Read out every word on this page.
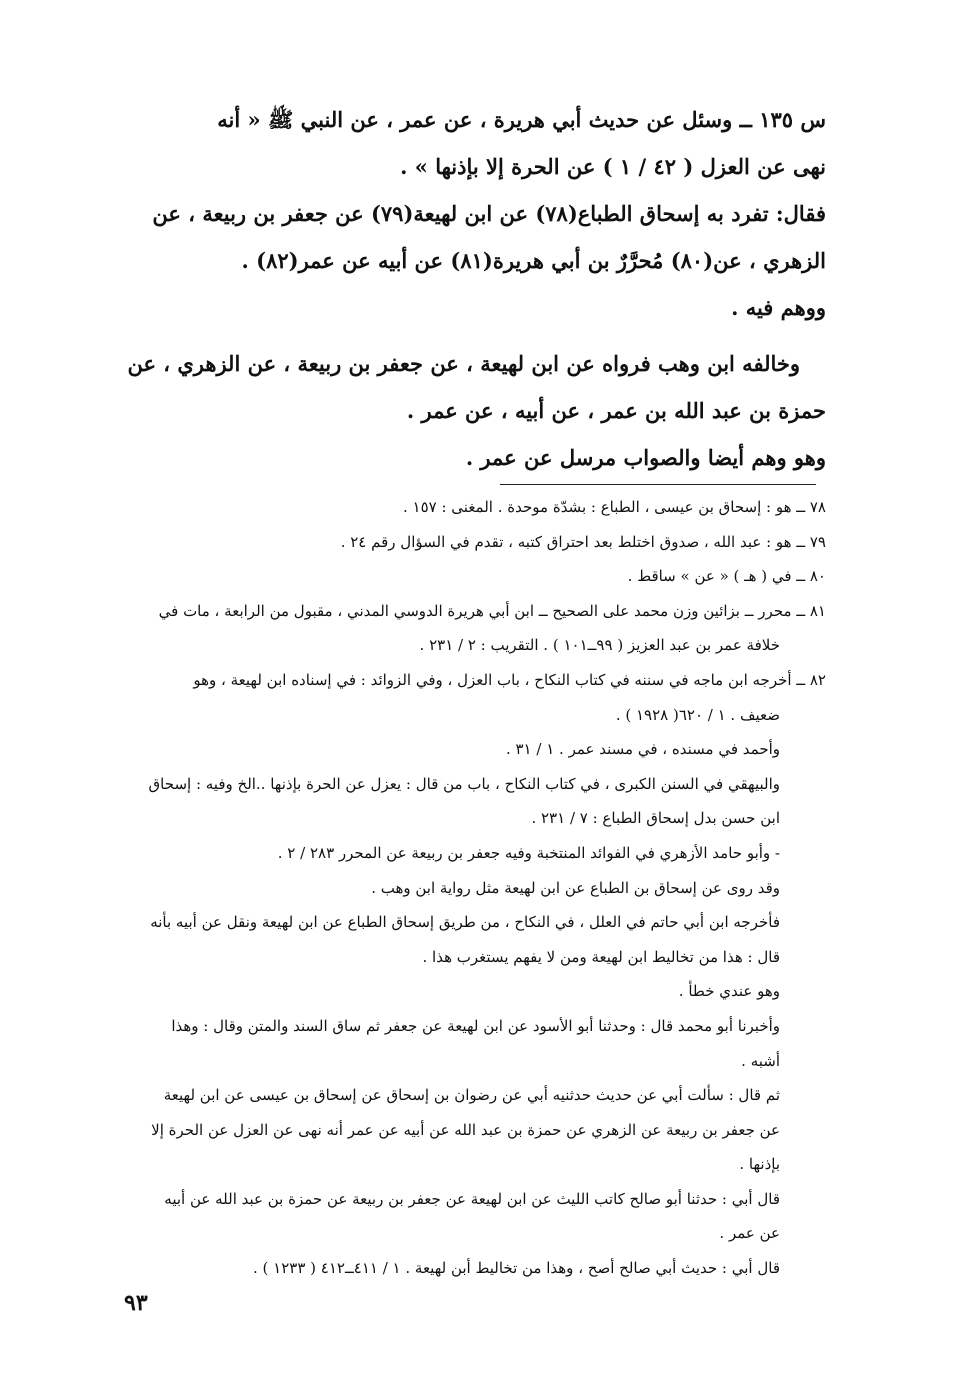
س ١٣٥ ــ وسئل عن حديث أبي هريرة ، عن عمر ، عن النبي ﷺ « أنه

نهى عن العزل ( ٤٢ / ١ ) عن الحرة إلا بإذنها » .

فقال: تفرد به إسحاق الطباع(٧٨) عن ابن لهيعة(٧٩) عن جعفر بن ربيعة ، عن

الزهري ، عن(٨٠) مُحرَّرٌ بن أبي هريرة(٨١) عن أبيه عن عمر(٨٢) .

ووهم فيه .

وخالفه ابن وهب فرواه عن ابن لهيعة ، عن جعفر بن ربيعة ، عن الزهري ، عن

حمزة بن عبد الله بن عمر ، عن أبيه ، عن عمر .

وهو وهم أيضا والصواب مرسل عن عمر .

٧٨ ــ هو : إسحاق بن عيسى ، الطباع : بشدّة موحدة . المغنى : ١٥٧ .

٧٩ ــ هو : عبد الله ، صدوق اختلط بعد احتراق كتبه ، تقدم في السؤال رقم ٢٤ .

٨٠ ــ في ( هـ ) « عن » ساقط .

٨١ ــ محرر ــ بزائين وزن محمد على الصحيح ــ ابن أبي هريرة الدوسي المدني ، مقبول من الرابعة ، مات في

خلافة عمر بن عبد العزيز ( ٩٩ــ١٠١ ) . التقريب : ٢ / ٢٣١ .

٨٢ ــ أخرجه ابن ماجه في سننه في كتاب النكاح ، باب العزل ، وفي الزوائد : في إسناده ابن لهيعة ، وهو

ضعيف . ١ / ٦٢٠( ١٩٢٨ ) .

وأحمد في مسنده ، في مسند عمر . ١ / ٣١ .

والبيهقي في السنن الكبرى ، في كتاب النكاح ، باب من قال : يعزل عن الحرة بإذنها ..الخ وفيه : إسحاق

ابن حسن بدل إسحاق الطباع : ٧ / ٢٣١ .

- وأبو حامد الأزهري في الفوائد المنتخبة وفيه جعفر بن ربيعة عن المحرر ٢٨٣ / ٢ .

وقد روى عن إسحاق بن الطباع عن ابن لهيعة مثل رواية ابن وهب .

فأخرجه ابن أبي حاتم في العلل ، في النكاح ، من طريق إسحاق الطباع عن ابن لهيعة ونقل عن أبيه بأنه

قال : هذا من تخاليط ابن لهيعة ومن لا يفهم يستغرب هذا .

وهو عندي خطأ .

وأخبرنا أبو محمد قال : وحدثنا أبو الأسود عن ابن لهيعة عن جعفر ثم ساق السند والمتن وقال : وهذا

أشبه .

ثم قال : سألت أبي عن حديث حدثنيه أبي عن رضوان بن إسحاق عن إسحاق بن عيسى عن ابن لهيعة

عن جعفر بن ربيعة عن الزهري عن حمزة بن عبد الله عن أبيه عن عمر أنه نهى عن العزل عن الحرة إلا

بإذنها .

قال أبي : حدثنا أبو صالح كاتب الليث عن ابن لهيعة عن جعفر بن ربيعة عن حمزة بن عبد الله عن أبيه

عن عمر .

قال أبي : حديث أبي صالح أصح ، وهذا من تخاليط أبن لهيعة . ١ / ٤١١ــ٤١٢ ( ١٢٣٣ ) .

٩٣
